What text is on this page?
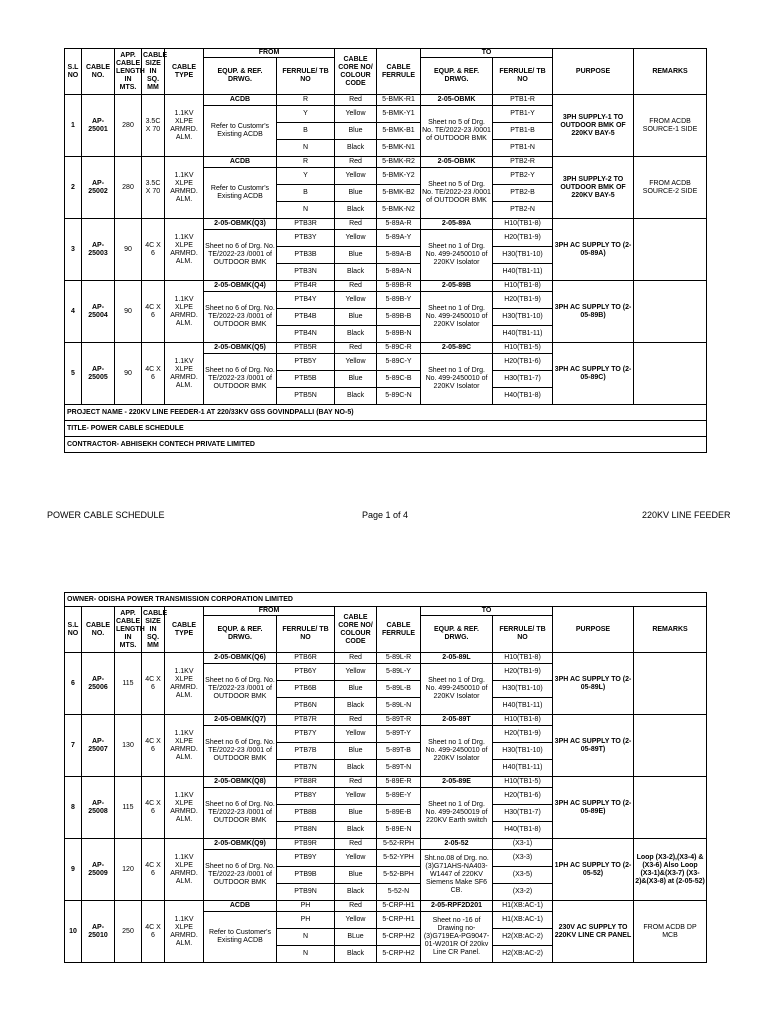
S.L NO	CABLE NO.	APP. CABLE LENGTH IN MTS.	CABLE SIZE IN SQ. MM	CABLE TYPE	FROM		CABLE CORE NO/ COLOUR CODE	CABLE FERRULE	TO		PURPOSE	REMARKS
					EQUP. & REF. DRWG.	FERRULE/ TB NO			EQUP. & REF. DRWG.	FERRULE/ TB NO		
1	AP-25001	280	3.5C X 70	1.1KV XLPE ARMRD. ALM.	ACDB	R	Red	5-BMK-R1	2-05-OBMK	PTB1-R	3PH SUPPLY-1 TO OUTDOOR BMK OF 220KV BAY-5	FROM ACDB SOURCE-1 SIDE
					Refer to Customr's Existing ACDB	Y	Yellow	5-BMK-Y1	Sheet no 5 of Drg. No. TE/2022-23 /0001 of OUTDOOR BMK	PTB1-Y		
						B	Blue	5-BMK-B1		PTB1-B		
						N	Black	5-BMK-N1		PTB1-N		
2	AP-25002	280	3.5C X 70	1.1KV XLPE ARMRD. ALM.	ACDB	R	Red	5-BMK-R2	2-05-OBMK	PTB2-R	3PH SUPPLY-2 TO OUTDOOR BMK OF 220KV BAY-5	FROM ACDB SOURCE-2 SIDE
					Refer to Customr's Existing ACDB	Y	Yellow	5-BMK-Y2	Sheet no 5 of Drg. No. TE/2022-23 /0001 of OUTDOOR BMK	PTB2-Y		
						B	Blue	5-BMK-B2		PTB2-B		
						N	Black	5-BMK-N2		PTB2-N		
3	AP-25003	90	4C X 6	1.1KV XLPE ARMRD. ALM.	2-05-OBMK(Q3)	PTB3R	Red	5-89A-R	2-05-89A	H10(TB1-8)	3PH AC SUPPLY TO (2-05-89A)	
					Sheet no 6 of Drg. No. TE/2022-23 /0001 of OUTDOOR BMK	PTB3Y	Yellow	5-89A-Y	Sheet no 1 of Drg. No. 499-2450010 of 220KV Isolator	H20(TB1-9)		
						PTB3B	Blue	5-89A-B		H30(TB1-10)		
						PTB3N	Black	5-89A-N		H40(TB1-11)		
4	AP-25004	90	4C X 6	1.1KV XLPE ARMRD. ALM.	2-05-OBMK(Q4)	PTB4R	Red	5-89B-R	2-05-89B	H10(TB1-8)	3PH AC SUPPLY TO (2-05-89B)	
					Sheet no 6 of Drg. No. TE/2022-23 /0001 of OUTDOOR BMK	PTB4Y	Yellow	5-89B-Y	Sheet no 1 of Drg. No. 499-2450010 of 220KV Isolator	H20(TB1-9)		
						PTB4B	Blue	5-89B-B		H30(TB1-10)		
						PTB4N	Black	5-89B-N		H40(TB1-11)		
5	AP-25005	90	4C X 6	1.1KV XLPE ARMRD. ALM.	2-05-OBMK(Q5)	PTB5R	Red	5-89C-R	2-05-89C	H10(TB1-5)	3PH AC SUPPLY TO (2-05-89C)	
					Sheet no 6 of Drg. No. TE/2022-23 /0001 of OUTDOOR BMK	PTB5Y	Yellow	5-89C-Y	Sheet no 1 of Drg. No. 499-2450010 of 220KV Isolator	H20(TB1-6)		
						PTB5B	Blue	5-89C-B		H30(TB1-7)		
						PTB5N	Black	5-89C-N		H40(TB1-8)		
PROJECT NAME - 220KV LINE FEEDER-1 AT 220/33KV GSS GOVINDPALLI (BAY NO-5)												
TITLE- POWER CABLE SCHEDULE												
CONTRACTOR- ABHISEKH CONTECH PRIVATE LIMITED												
POWER CABLE SCHEDULE	Page 1 of 4	220KV LINE FEEDER
OWNER- ODISHA POWER TRANSMISSION CORPORATION LIMITED												
S.L NO	CABLE NO.	APP. CABLE LENGTH IN MTS.	CABLE SIZE IN SQ. MM	CABLE TYPE	FROM		CABLE CORE NO/ COLOUR CODE	CABLE FERRULE	TO		PURPOSE	REMARKS
					EQUP. & REF. DRWG.	FERRULE/ TB NO			EQUP. & REF. DRWG.	FERRULE/ TB NO		
6	AP-25006	115	4C X 6	1.1KV XLPE ARMRD. ALM.	2-05-OBMK(Q6)	PTB6R	Red	5-89L-R	2-05-89L	H10(TB1-8)	3PH AC SUPPLY TO (2-05-89L)	
					Sheet no 6 of Drg. No. TE/2022-23 /0001 of OUTDOOR BMK	PTB6Y	Yellow	5-89L-Y	Sheet no 1 of Drg. No. 499-2450010 of 220KV Isolator	H20(TB1-9)		
						PTB6B	Blue	5-89L-B		H30(TB1-10)		
						PTB6N	Black	5-89L-N		H40(TB1-11)		
7	AP-25007	130	4C X 6	1.1KV XLPE ARMRD. ALM.	2-05-OBMK(Q7)	PTB7R	Red	5-89T-R	2-05-89T	H10(TB1-8)	3PH AC SUPPLY TO (2-05-89T)	
					Sheet no 6 of Drg. No. TE/2022-23 /0001 of OUTDOOR BMK	PTB7Y	Yellow	5-89T-Y	Sheet no 1 of Drg. No. 499-2450010 of 220KV Isolator	H20(TB1-9)		
						PTB7B	Blue	5-89T-B		H30(TB1-10)		
						PTB7N	Black	5-89T-N		H40(TB1-11)		
8	AP-25008	115	4C X 6	1.1KV XLPE ARMRD. ALM.	2-05-OBMK(Q8)	PTB8R	Red	5-89E-R	2-05-89E	H10(TB1-5)	3PH AC SUPPLY TO (2-05-89E)	
					Sheet no 6 of Drg. No. TE/2022-23 /0001 of OUTDOOR BMK	PTB8Y	Yellow	5-89E-Y	Sheet no 1 of Drg. No. 499-2450019 of 220KV Earth switch	H20(TB1-6)		
						PTB8B	Blue	5-89E-B		H30(TB1-7)		
						PTB8N	Black	5-89E-N		H40(TB1-8)		
9	AP-25009	120	4C X 6	1.1KV XLPE ARMRD. ALM.	2-05-OBMK(Q9)	PTB9R	Red	5-52-RPH	2-05-52	(X3-1)	1PH AC SUPPLY TO (2-05-52)	Loop (X3-2),(X3-4) &(X3-6) Also Loop (X3-1)&(X3-7) (X3-2)&(X3-8) at (2-05-52)
					Sheet no 6 of Drg. No. TE/2022-23 /0001 of OUTDOOR BMK	PTB9Y	Yellow	5-52-YPH	Sht.no.08 of Drg. no. (3)G71AHS-NA403-W1447 of 220KV Siemens Make SF6 CB.	(X3-3)		
						PTB9B	Blue	5-52-BPH		(X3-5)		
						PTB9N	Black	5-52-N		(X3-2)		
10	AP-25010	250	4C X 6	1.1KV XLPE ARMRD. ALM.	ACDB	PH	Red	5-CRP-H1	2-05-RPF2D201	H1(XB:AC-1)	230V AC SUPPLY TO 220KV LINE CR PANEL	FROM ACDB DP MCB
					Refer to Customer's Existing ACDB	PH	Yellow	5-CRP-H1	Sheet no -16 of Drawing no-(3)G719EA-PG9047-01-W201R Of 220kv Line CR Panel.	H1(XB:AC-1)		
						N	BLue	5-CRP-H2		H2(XB:AC-2)		
						N	Black	5-CRP-H2		H2(XB:AC-2)		
